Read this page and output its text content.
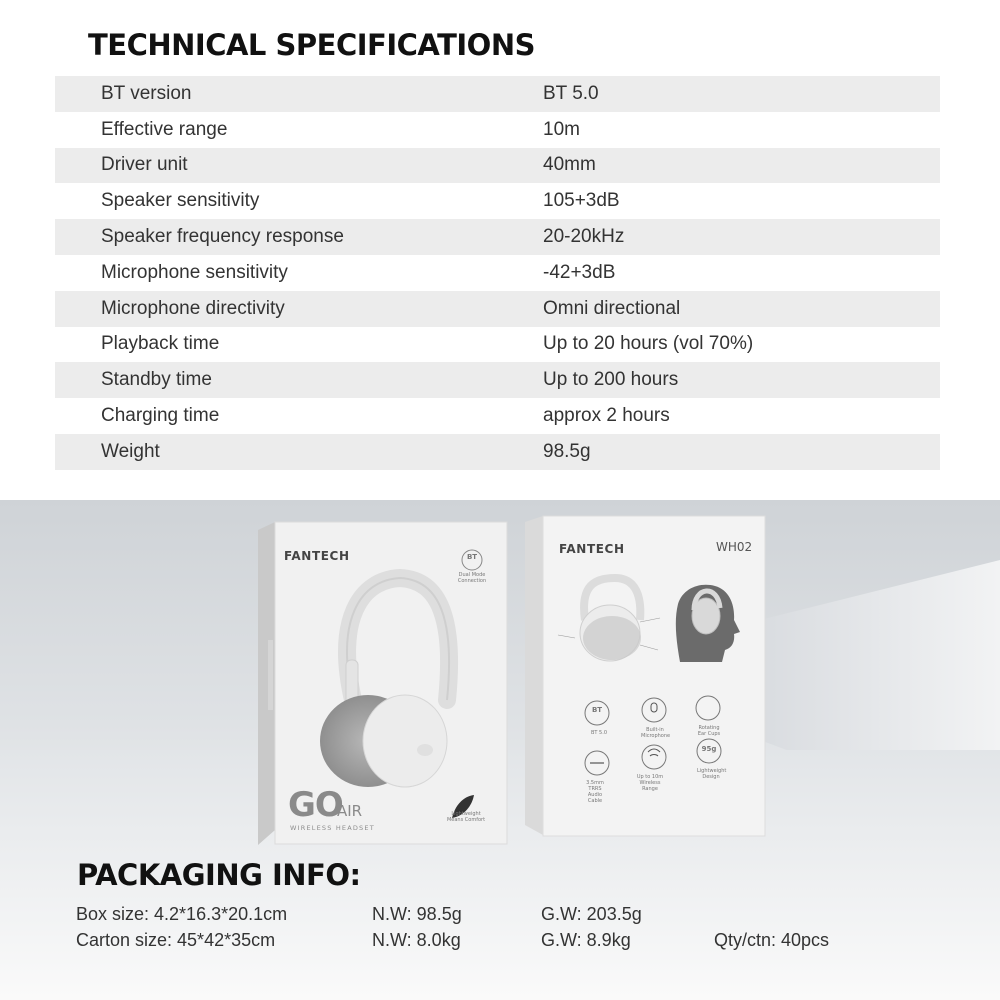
TECHNICAL SPECIFICATIONS
BT version	BT 5.0
Effective range	10m
Driver unit	40mm
Speaker sensitivity	105+3dB
Speaker frequency response	20-20kHz
Microphone sensitivity	-42+3dB
Microphone directivity	Omni directional
Playback time	Up to 20 hours (vol 70%)
Standby time	Up to 200 hours
Charging time	approx 2 hours
Weight	98.5g
FANTECH	BT
Dual Mode Connection
GO
AIR
WIRELESS HEADSET
Lightweight Means Comfort
FANTECH	WH02
BT 5.0
BT
Built-in Microphone
Rotating Ear Cups
3.5mm TRRS Audio Cable
Up to 10m Wireless Range
Lightweight Design
95g
PACKAGING INFO:
Box size: 4.2*16.3*20.1cm	N.W: 98.5g	G.W: 203.5g
Carton size: 45*42*35cm	N.W: 8.0kg	G.W: 8.9kg	Qty/ctn: 40pcs
